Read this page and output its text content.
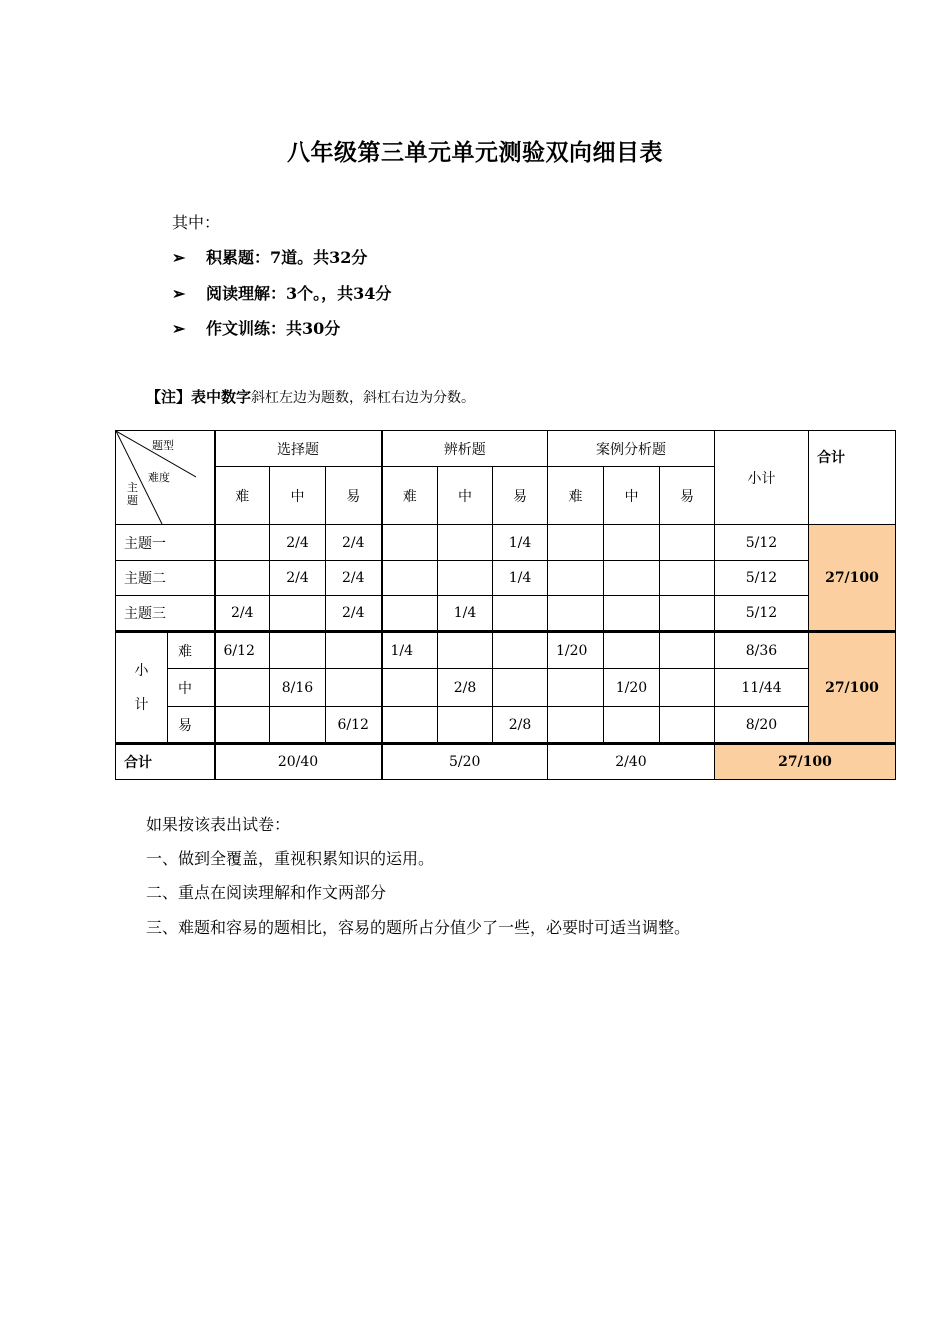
八年级第三单元单元测验双向细目表
其中：
➢ 积累题：7道。共32分
➢ 阅读理解：3个。，共34分
➢ 作文训练：共30分
【注】表中数字斜杠左边为题数，斜杠右边为分数。
题型
难度
主题		选择题			辨析题			案例分析题			小计	合计
		难	中	易	难	中	易	难	中	易		
主题一			2/4	2/4			1/4				5/12	27/100
主题二			2/4	2/4			1/4				5/12	
主题三		2/4		2/4		1/4					5/12	
小计	难	6/12			1/4			1/20			8/36	27/100
	中		8/16			2/8			1/20		11/44	
	易			6/12			2/8				8/20	
合计		20/40			5/20			2/40			27/100	
如果按该表出试卷：
一、做到全覆盖，重视积累知识的运用。
二、重点在阅读理解和作文两部分
三、难题和容易的题相比，容易的题所占分值少了一些，必要时可适当调整。
